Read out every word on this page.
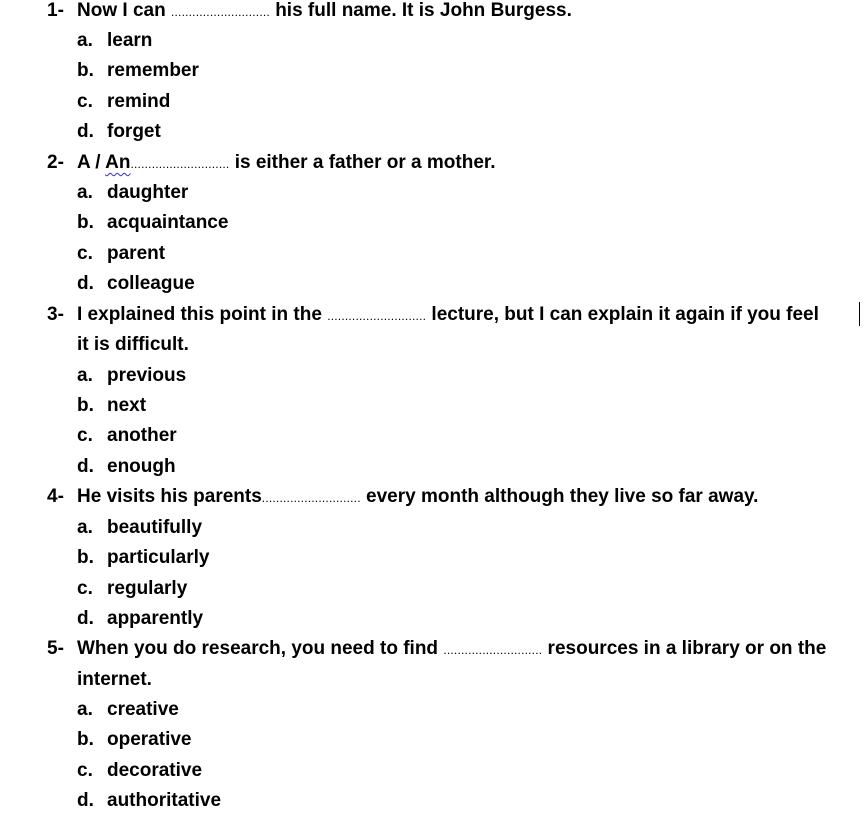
1- Now I can ............................ his full name. It is John Burgess.
a. learn
b. remember
c. remind
d. forget
2- A / An............................ is either a father or a mother.
a. daughter
b. acquaintance
c. parent
d. colleague
3- I explained this point in the ............................ lecture, but I can explain it again if you feel
it is difficult.
a. previous
b. next
c. another
d. enough
4- He visits his parents............................ every month although they live so far away.
a. beautifully
b. particularly
c. regularly
d. apparently
5- When you do research, you need to find ............................ resources in a library or on the
internet.
a. creative
b. operative
c. decorative
d. authoritative
